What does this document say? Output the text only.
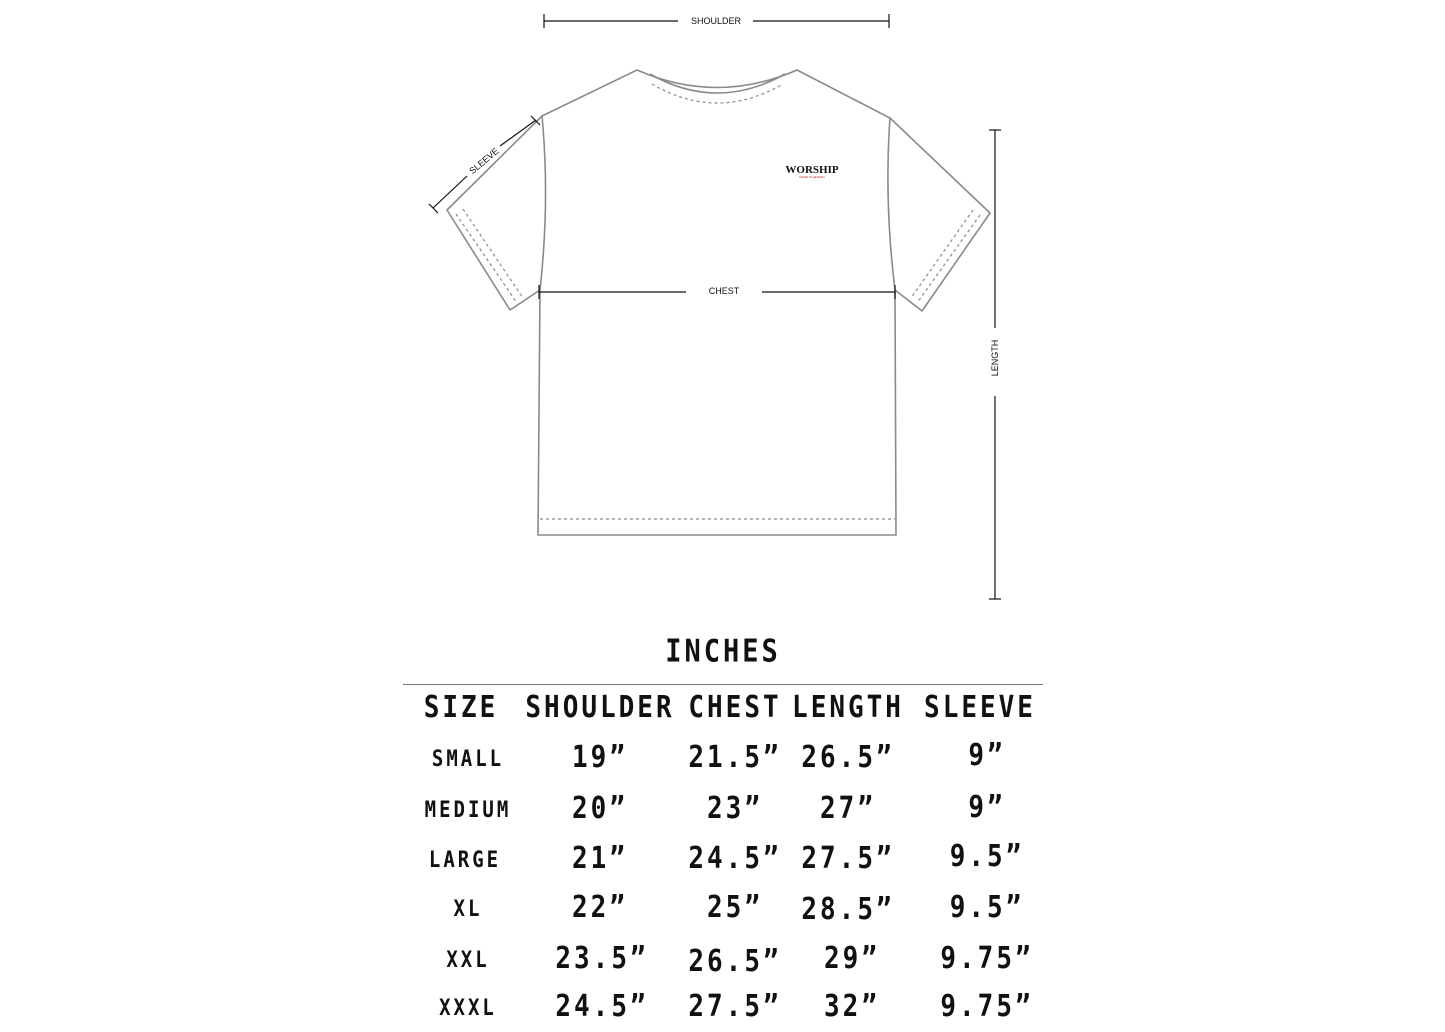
WORSHIP
MADE IN HEAVEN
SHOULDER
CHEST
SLEEVE
LENGTH
INCHES
SIZE SHOULDER CHEST LENGTH SLEEVE
SMALL	19” 21.5” 26.5”	9”
MEDIUM 20”	23” 27”	9”
LARGE	21” 24.5” 27.5” 9.5”
XL	22”	25” 28.5” 9.5”
XXL	23.5” 26.5” 29” 9.75”
XXXL 24.5” 27.5” 32” 9.75”
